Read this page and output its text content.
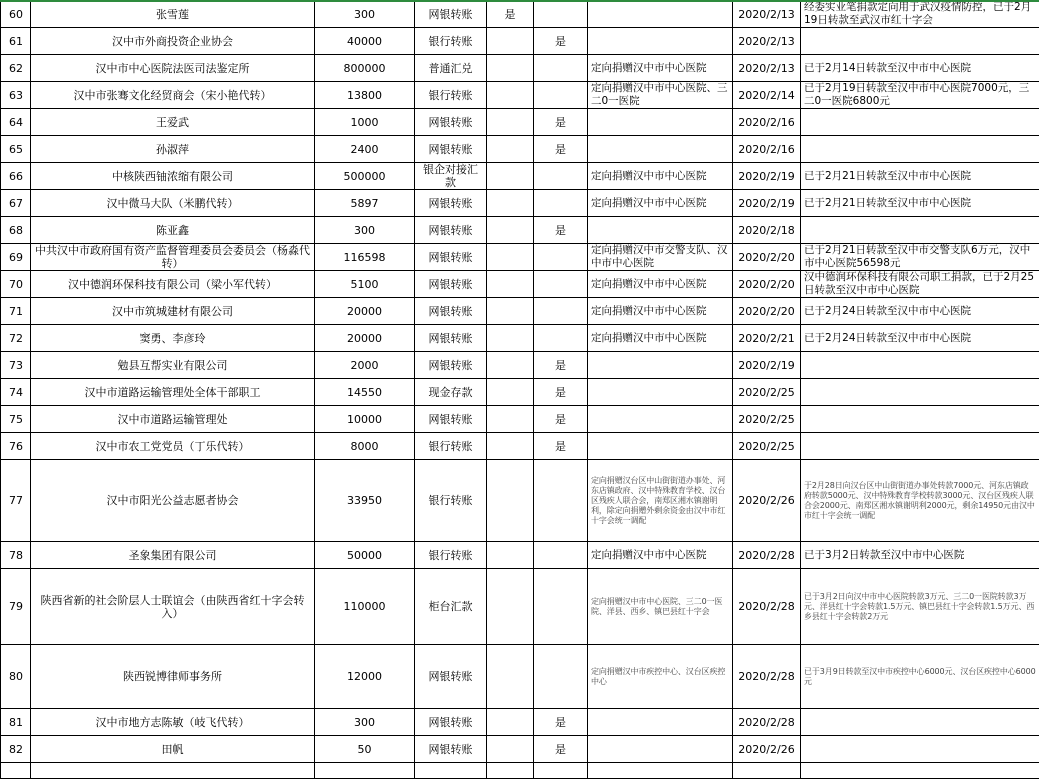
60	张雪莲	300	网银转账	是			2020/2/13	经委实业笔捐款定向用于武汉疫情防控，已于2月19日转款至武汉市红十字会
61	汉中市外商投资企业协会	40000	银行转账		是		2020/2/13	
62	汉中市中心医院法医司法鉴定所	800000	普通汇兑			定向捐赠汉中市中心医院	2020/2/13	已于2月14日转款至汉中市中心医院
63	汉中市张骞文化经贸商会（宋小艳代转）	13800	银行转账			定向捐赠汉中市中心医院、三二0一医院	2020/2/14	已于2月19日转款至汉中市中心医院7000元，三二0一医院6800元
64	王爱武	1000	网银转账		是		2020/2/16	
65	孙淑萍	2400	网银转账		是		2020/2/16	
66	中核陕西铀浓缩有限公司	500000	银企对接汇款			定向捐赠汉中市中心医院	2020/2/19	已于2月21日转款至汉中市中心医院
67	汉中微马大队（米鹏代转）	5897	网银转账			定向捐赠汉中市中心医院	2020/2/19	已于2月21日转款至汉中市中心医院
68	陈亚鑫	300	网银转账		是		2020/2/18	
69	中共汉中市政府国有资产监督管理委员会委员会（杨淼代转）	116598	网银转账			定向捐赠汉中市交警支队、汉中市中心医院	2020/2/20	已于2月21日转款至汉中市交警支队6万元，汉中市中心医院56598元
70	汉中德润环保科技有限公司（梁小军代转）	5100	网银转账			定向捐赠汉中市中心医院	2020/2/20	汉中德润环保科技有限公司职工捐款，已于2月25日转款至汉中市中心医院
71	汉中市筑城建材有限公司	20000	网银转账			定向捐赠汉中市中心医院	2020/2/20	已于2月24日转款至汉中市中心医院
72	窦勇、李彦玲	20000	网银转账			定向捐赠汉中市中心医院	2020/2/21	已于2月24日转款至汉中市中心医院
73	勉县互帮实业有限公司	2000	网银转账		是		2020/2/19	
74	汉中市道路运输管理处全体干部职工	14550	现金存款		是		2020/2/25	
75	汉中市道路运输管理处	10000	网银转账		是		2020/2/25	
76	汉中市农工党党员（丁乐代转）	8000	银行转账		是		2020/2/25	
77	汉中市阳光公益志愿者协会	33950	银行转账			定向捐赠汉台区中山街街道办事处、河东店镇政府、汉中特殊教育学校、汉台区残疾人联合会，南郑区湘水镇谢明利，除定向捐赠外剩余资金由汉中市红十字会统一调配	2020/2/26	于2月28日向汉台区中山街街道办事处转款7000元、河东店镇政府转款5000元、汉中特殊教育学校转款3000元、汉台区残疾人联合会2000元、南郑区湘水镇谢明利2000元，剩余14950元由汉中市红十字会统一调配
78	圣象集团有限公司	50000	银行转账			定向捐赠汉中市中心医院	2020/2/28	已于3月2日转款至汉中市中心医院
79	陕西省新的社会阶层人士联谊会（由陕西省红十字会转入）	110000	柜台汇款			定向捐赠汉中市中心医院、三二0一医院、洋县、西乡、镇巴县红十字会	2020/2/28	已于3月2日向汉中市中心医院转款3万元、三二0一医院转款3万元、洋县红十字会转款1.5万元、镇巴县红十字会转款1.5万元、西乡县红十字会转款2万元
80	陕西锐博律师事务所	12000	网银转账			定向捐赠汉中市疾控中心、汉台区疾控中心	2020/2/28	已于3月9日转款至汉中市疾控中心6000元、汉台区疾控中心6000元
81	汉中市地方志陈敏（岐飞代转）	300	网银转账		是		2020/2/28	
82	田帆	50	网银转账		是		2020/2/26	
